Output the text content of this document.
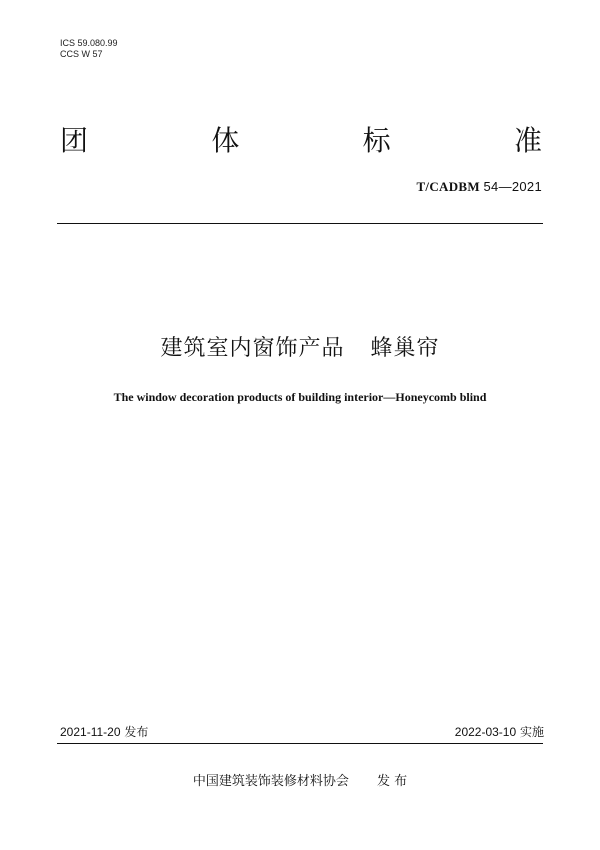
ICS 59.080.99
CCS W 57
团	体	标	准
T/CADBM 54—2021
建筑室内窗饰产品 蜂巢帘
The window decoration products of building interior—Honeycomb blind
2021-11-20 发布	2022-03-10 实施
中国建筑装饰装修材料协会 发 布
